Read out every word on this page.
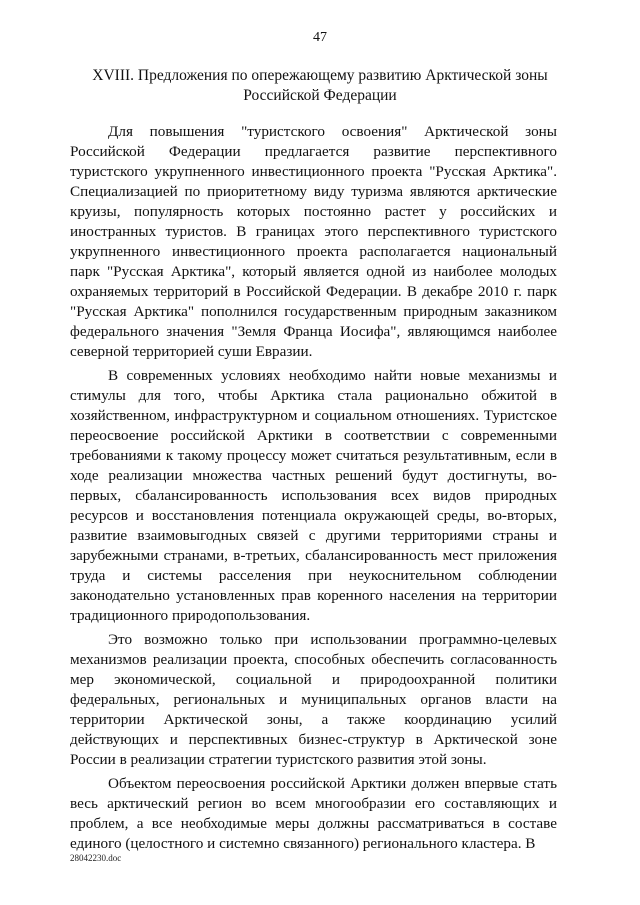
47
XVIII. Предложения по опережающему развитию Арктической зоны
Российской Федерации

Для повышения "туристского освоения" Арктической зоны Российской Федерации предлагается развитие перспективного туристского укрупненного инвестиционного проекта "Русская Арктика". Специализацией по приоритетному виду туризма являются арктические круизы, популярность которых постоянно растет у российских и иностранных туристов. В границах этого перспективного туристского укрупненного инвестиционного проекта располагается национальный парк "Русская Арктика", который является одной из наиболее молодых охраняемых территорий в Российской Федерации. В декабре 2010 г. парк "Русская Арктика" пополнился государственным природным заказником федерального значения "Земля Франца Иосифа", являющимся наиболее северной территорией суши Евразии.

В современных условиях необходимо найти новые механизмы и стимулы для того, чтобы Арктика стала рационально обжитой в хозяйственном, инфраструктурном и социальном отношениях. Туристское переосвоение российской Арктики в соответствии с современными требованиями к такому процессу может считаться результативным, если в ходе реализации множества частных решений будут достигнуты, во-первых, сбалансированность использования всех видов природных ресурсов и восстановления потенциала окружающей среды, во-вторых, развитие взаимовыгодных связей с другими территориями страны и зарубежными странами, в-третьих, сбалансированность мест приложения труда и системы расселения при неукоснительном соблюдении законодательно установленных прав коренного населения на территории традиционного природопользования.

Это возможно только при использовании программно-целевых механизмов реализации проекта, способных обеспечить согласованность мер экономической, социальной и природоохранной политики федеральных, региональных и муниципальных органов власти на территории Арктической зоны, а также координацию усилий действующих и перспективных бизнес-структур в Арктической зоне России в реализации стратегии туристского развития этой зоны.

Объектом переосвоения российской Арктики должен впервые стать весь арктический регион во всем многообразии его составляющих и проблем, а все необходимые меры должны рассматриваться в составе единого (целостного и системно связанного) регионального кластера. В

28042230.doc
